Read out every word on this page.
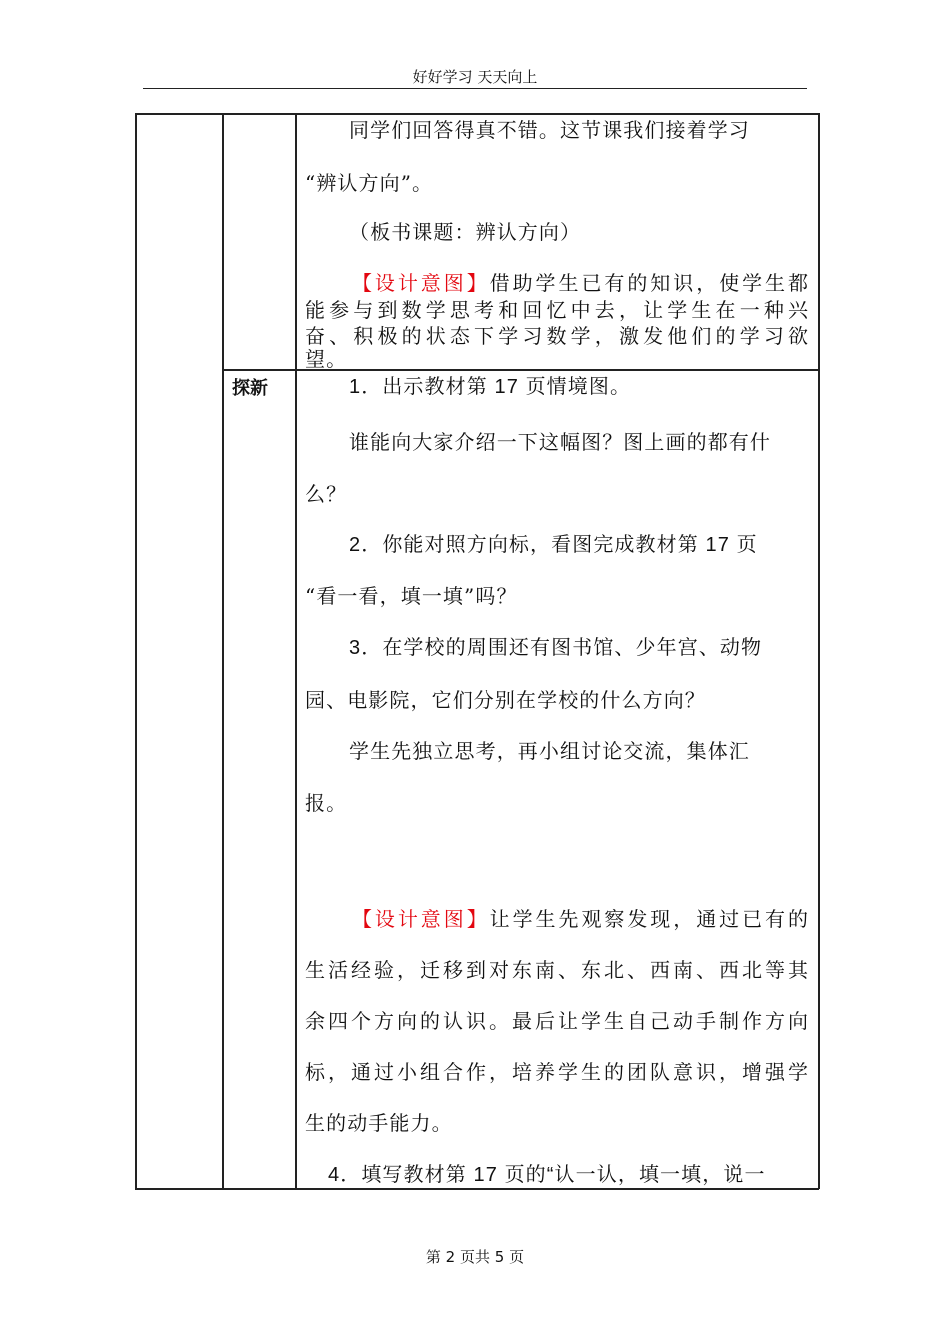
好好学习 天天向上
同学们回答得真不错。这节课我们接着学习
“辨认方向”。
（板书课题：辨认方向）
【设计意图】借助学生已有的知识，使学生都
能参与到数学思考和回忆中去，让学生在一种兴
奋、积极的状态下学习数学，激发他们的学习欲
望。
探新	1．出示教材第 17 页情境图。
谁能向大家介绍一下这幅图？图上画的都有什
么？
2．你能对照方向标，看图完成教材第 17 页
“看一看，填一填”吗？
3．在学校的周围还有图书馆、少年宫、动物
园、电影院，它们分别在学校的什么方向？
学生先独立思考，再小组讨论交流，集体汇
报。
【设计意图】让学生先观察发现，通过已有的
生活经验，迁移到对东南、东北、西南、西北等其
余四个方向的认识。最后让学生自己动手制作方向
标，通过小组合作，培养学生的团队意识，增强学
生的动手能力。
4．填写教材第 17 页的“认一认，填一填，说一
第 2 页共 5 页
